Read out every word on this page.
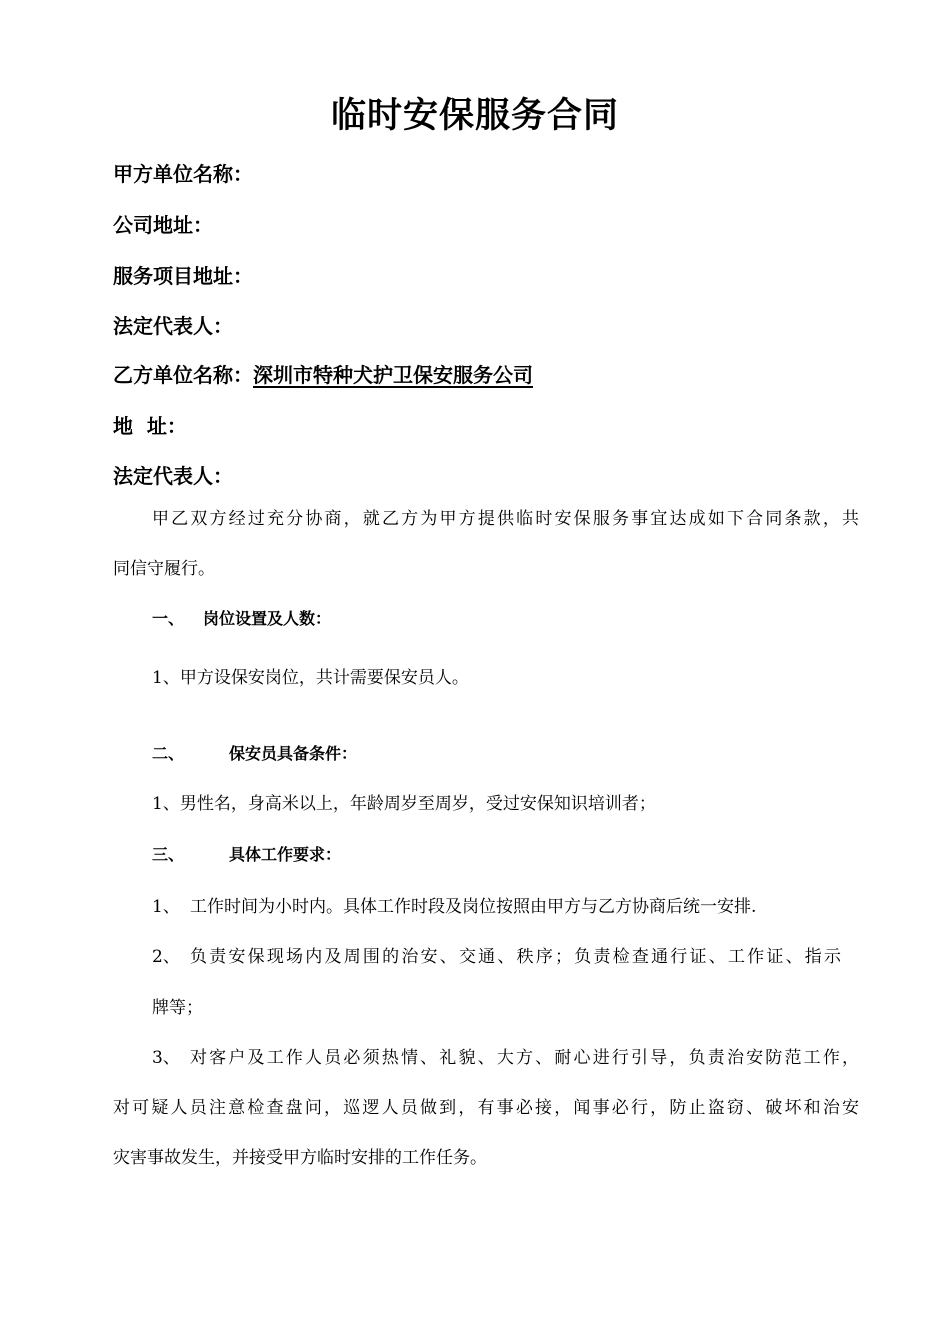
临时安保服务合同
甲方单位名称：
公司地址：
服务项目地址：
法定代表人：
乙方单位名称：深圳市特种犬护卫保安服务公司
地  址：
法定代表人：
甲乙双方经过充分协商，就乙方为甲方提供临时安保服务事宜达成如下合同条款，共
同信守履行。
一、 岗位设置及人数：
1、甲方设保安岗位，共计需要保安员人。
二、	保安员具备条件：
1、男性名，身高米以上，年龄周岁至周岁，受过安保知识培训者；
三、	具体工作要求：
1、 工作时间为小时内。具体工作时段及岗位按照由甲方与乙方协商后统一安排.
2、 负责安保现场内及周围的治安、交通、秩序；负责检查通行证、工作证、指示
牌等；
3、 对客户及工作人员必须热情、礼貌、大方、耐心进行引导，负责治安防范工作，
对可疑人员注意检查盘问，巡逻人员做到，有事必接，闻事必行，防止盗窃、破坏和治安
灾害事故发生，并接受甲方临时安排的工作任务。
